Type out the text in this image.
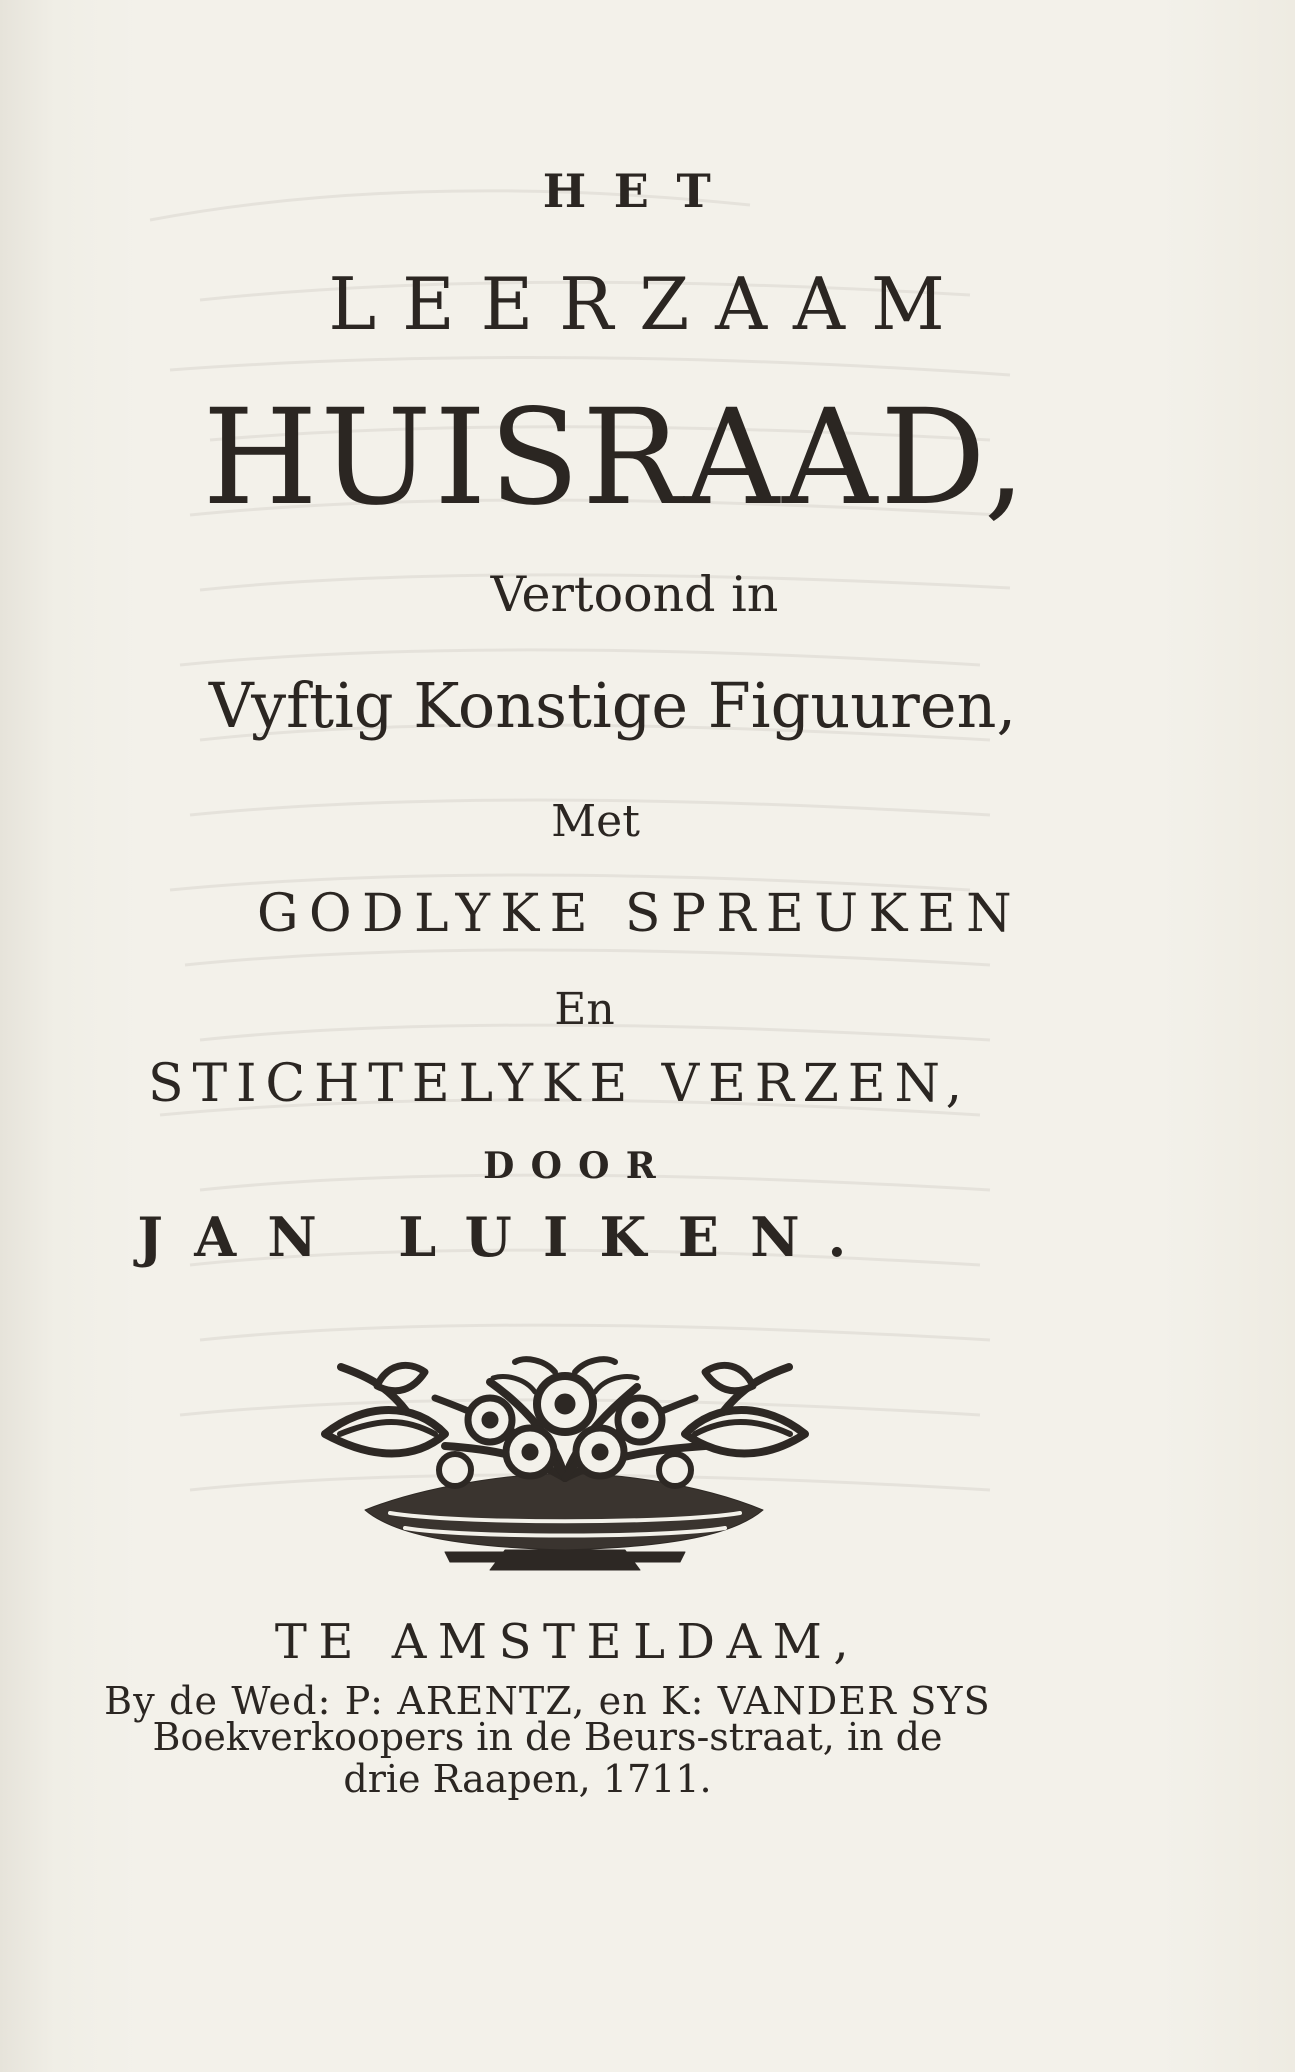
HET
LEERZAAM
HUISRAAD,
Vertoond in
Vyftig Konstige Figuuren,
Met
GODLYKE SPREUKEN
En
STICHTELYKE VERZEN,
DOOR
JAN LUIKEN.
TE AMSTELDAM,
By de Wed: P: ARENTZ, en K: VANDER SYS
Boekverkoopers in de Beurs-straat, in de
drie Raapen, 1711.
